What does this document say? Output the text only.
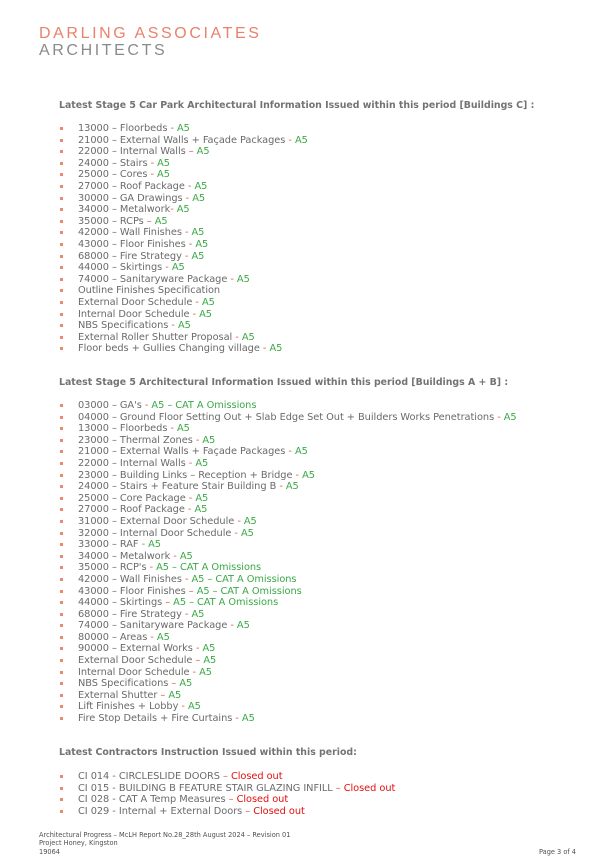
DARLING ASSOCIATES
ARCHITECTS
Latest Stage 5 Car Park Architectural Information Issued within this period [Buildings C] :
13000 – Floorbeds - A5
21000 – External Walls + Façade Packages - A5
22000 – Internal Walls – A5
24000 – Stairs - A5
25000 – Cores - A5
27000 – Roof Package - A5
30000 – GA Drawings - A5
34000 – Metalwork- A5
35000 – RCPs – A5
42000 – Wall Finishes - A5
43000 – Floor Finishes - A5
68000 – Fire Strategy - A5
44000 – Skirtings - A5
74000 – Sanitaryware Package - A5
Outline Finishes Specification
External Door Schedule - A5
Internal Door Schedule - A5
NBS Specifications - A5
External Roller Shutter Proposal - A5
Floor beds + Gullies Changing village - A5
Latest Stage 5 Architectural Information Issued within this period [Buildings A + B] :
03000 – GA's - A5 – CAT A Omissions
04000 – Ground Floor Setting Out + Slab Edge Set Out + Builders Works Penetrations - A5
13000 – Floorbeds - A5
23000 – Thermal Zones - A5
21000 – External Walls + Façade Packages - A5
22000 – Internal Walls - A5
23000 – Building Links – Reception + Bridge - A5
24000 – Stairs + Feature Stair Building B - A5
25000 – Core Package - A5
27000 – Roof Package - A5
31000 – External Door Schedule - A5
32000 – Internal Door Schedule - A5
33000 – RAF - A5
34000 – Metalwork - A5
35000 – RCP's - A5 – CAT A Omissions
42000 – Wall Finishes - A5 – CAT A Omissions
43000 – Floor Finishes – A5 – CAT A Omissions
44000 – Skirtings – A5 – CAT A Omissions
68000 – Fire Strategy - A5
74000 – Sanitaryware Package - A5
80000 – Areas - A5
90000 – External Works - A5
External Door Schedule – A5
Internal Door Schedule - A5
NBS Specifications – A5
External Shutter – A5
Lift Finishes + Lobby - A5
Fire Stop Details + Fire Curtains - A5
Latest Contractors Instruction Issued within this period:
CI 014 - CIRCLESLIDE DOORS – Closed out
CI 015 - BUILDING B FEATURE STAIR GLAZING INFILL – Closed out
CI 028 - CAT A Temp Measures – Closed out
CI 029 - Internal + External Doors – Closed out
Architectural Progress – McLH Report No.28_28th August 2024 – Revision 01
Project Honey, Kingston
19064	Page 3 of 4
